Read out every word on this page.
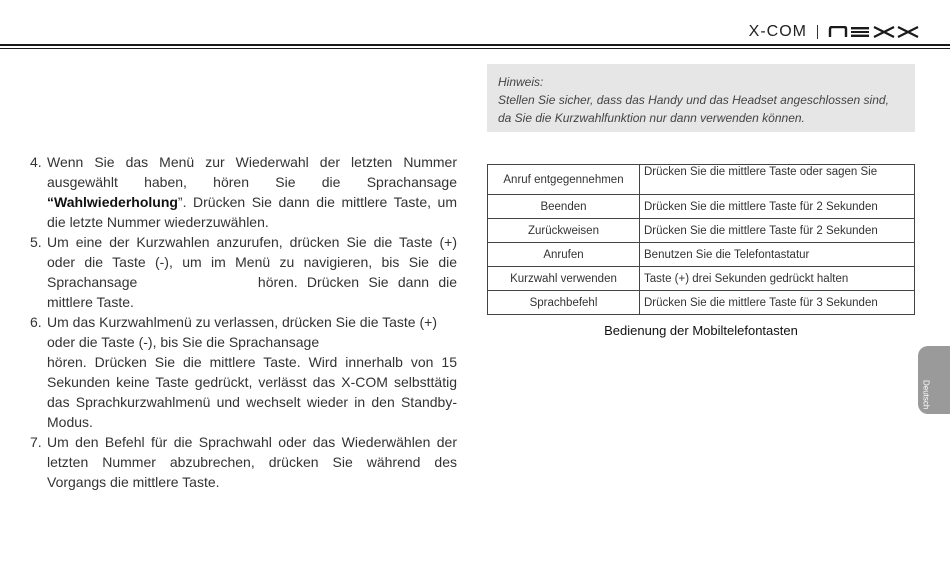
X-COM
Hinweis:
Stellen Sie sicher, dass das Handy und das Headset angeschlossen sind, da Sie die Kurzwahlfunktion nur dann verwenden können.
4. Wenn Sie das Menü zur Wiederwahl der letzten Nummer ausgewählt haben, hören Sie die Sprachansage “Wahlwiederholung”. Drücken Sie dann die mittlere Taste, um die letzte Nummer wiederzuwählen.

5. Um eine der Kurzwahlen anzurufen, drücken Sie die Taste (+) oder die Taste (-), um im Menü zu navigieren, bis Sie die Sprachansage	hören. Drücken Sie dann die mittlere Taste.

6. Um das Kurzwahlmenü zu verlassen, drücken Sie die Taste (+) oder die Taste (-), bis Sie die Sprachansage

hören. Drücken Sie die mittlere Taste. Wird innerhalb von 15 Sekunden keine Taste gedrückt, verlässt das X-COM selbsttätig das Sprachkurzwahlmenü und wechselt wieder in den Standby-Modus.

7. Um den Befehl für die Sprachwahl oder das Wiederwählen der letzten Nummer abzubrechen, drücken Sie während des Vorgangs die mittlere Taste.

Anruf entgegennehmen	Drücken Sie die mittlere Taste oder sagen Sie
Beenden	Drücken Sie die mittlere Taste für 2 Sekunden
Zurückweisen	Drücken Sie die mittlere Taste für 2 Sekunden
Anrufen	Benutzen Sie die Telefontastatur
Kurzwahl verwenden	Taste (+) drei Sekunden gedrückt halten
Sprachbefehl	Drücken Sie die mittlere Taste für 3 Sekunden
Bedienung der Mobiltelefontasten
Deutsch
